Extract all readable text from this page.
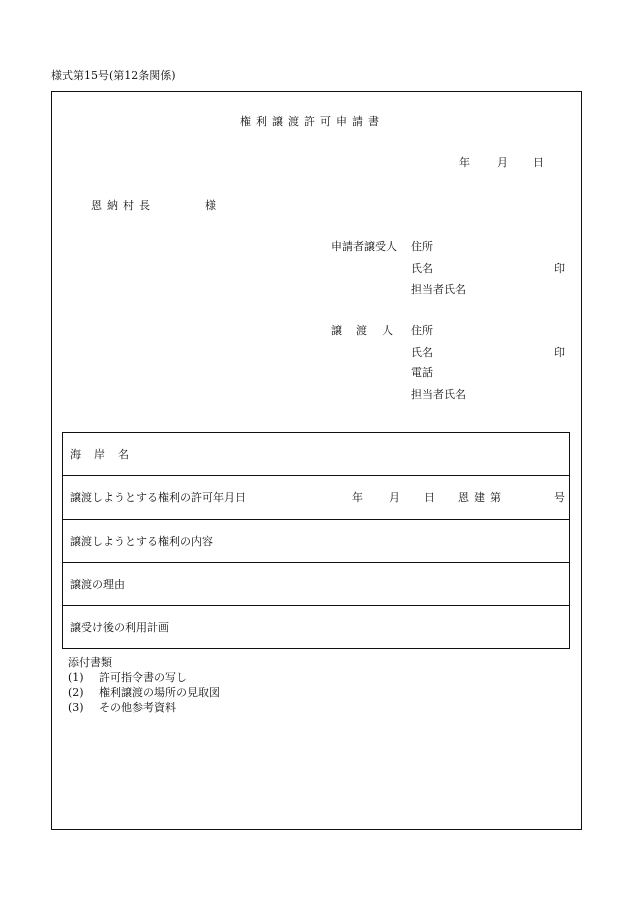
様式第15号(第12条関係)
権利譲渡許可申請書
年 月 日
恩納村長	様
申請者譲受人 住所
氏名	印
担当者氏名
譲 渡 人 住所
氏名	印
電話
担当者氏名
海 岸 名
譲渡しようとする権利の許可年月日	年 月 日 恩建第	号
譲渡しようとする権利の内容
譲渡の理由
譲受け後の利用計画
添付書類
(1) 許可指令書の写し
(2) 権利譲渡の場所の見取図
(3) その他参考資料
